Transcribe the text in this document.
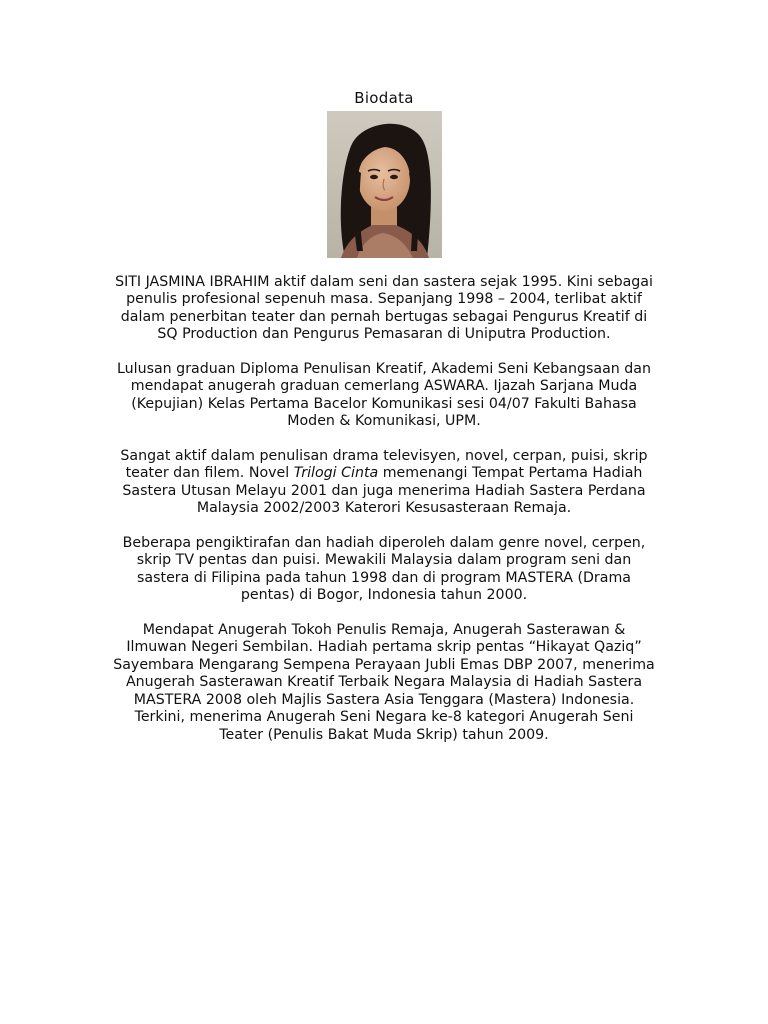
Biodata

SITI JASMINA IBRAHIM aktif dalam seni dan sastera sejak 1995. Kini sebagai penulis profesional sepenuh masa. Sepanjang 1998 – 2004, terlibat aktif dalam penerbitan teater dan pernah bertugas sebagai Pengurus Kreatif di SQ Production dan Pengurus Pemasaran di Uniputra Production.

Lulusan graduan Diploma Penulisan Kreatif, Akademi Seni Kebangsaan dan mendapat anugerah graduan cemerlang ASWARA. Ijazah Sarjana Muda (Kepujian) Kelas Pertama Bacelor Komunikasi sesi 04/07 Fakulti Bahasa Moden & Komunikasi, UPM.

Sangat aktif dalam penulisan drama televisyen, novel, cerpan, puisi, skrip teater dan filem. Novel Trilogi Cinta memenangi Tempat Pertama Hadiah Sastera Utusan Melayu 2001 dan juga menerima Hadiah Sastera Perdana Malaysia 2002/2003 Katerori Kesusasteraan Remaja.

Beberapa pengiktirafan dan hadiah diperoleh dalam genre novel, cerpen, skrip TV pentas dan puisi. Mewakili Malaysia dalam program seni dan sastera di Filipina pada tahun 1998 dan di program MASTERA (Drama pentas) di Bogor, Indonesia tahun 2000.

Mendapat Anugerah Tokoh Penulis Remaja, Anugerah Sasterawan & Ilmuwan Negeri Sembilan. Hadiah pertama skrip pentas “Hikayat Qaziq” Sayembara Mengarang Sempena Perayaan Jubli Emas DBP 2007, menerima Anugerah Sasterawan Kreatif Terbaik Negara Malaysia di Hadiah Sastera MASTERA 2008 oleh Majlis Sastera Asia Tenggara (Mastera) Indonesia. Terkini, menerima Anugerah Seni Negara ke-8 kategori Anugerah Seni Teater (Penulis Bakat Muda Skrip) tahun 2009.
